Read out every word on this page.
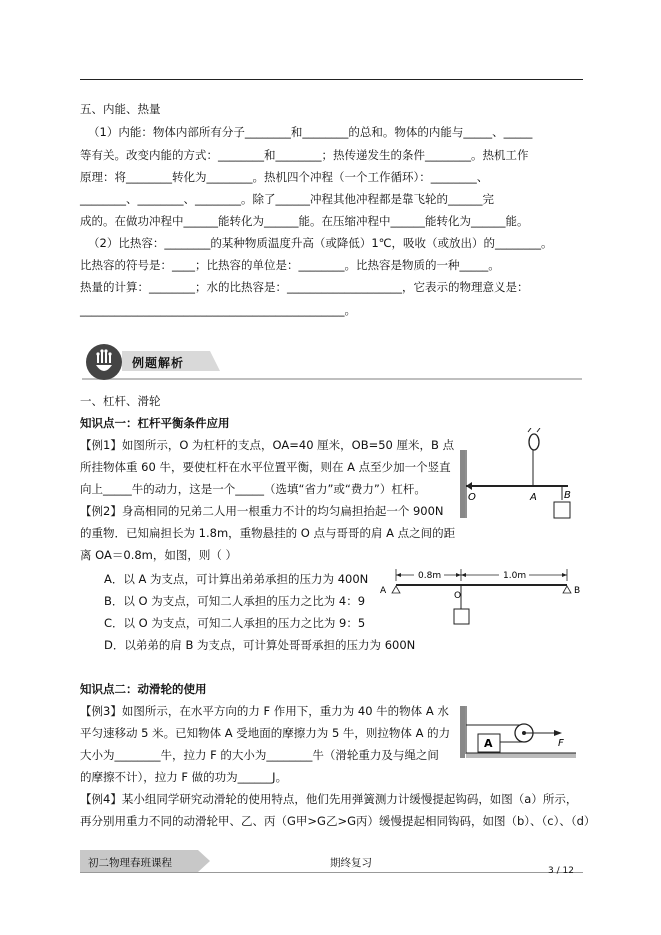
五、内能、热量
（1）内能：物体内部所有分子________和________的总和。物体的内能与_____、_____
等有关。改变内能的方式：________和________；热传递发生的条件________。热机工作
原理：将________转化为________。热机四个冲程（一个工作循环）：________、
________、________、________。除了______冲程其他冲程都是靠飞轮的______完
成的。在做功冲程中______能转化为______能。在压缩冲程中______能转化为______能。
（2）比热容：________的某种物质温度升高（或降低）1℃，吸收（或放出）的________。
比热容的符号是：____；比热容的单位是：________。比热容是物质的一种_____。
热量的计算：________；水的比热容是：____________________，它表示的物理意义是：
______________________________________________。
例题解析
一、杠杆、滑轮
知识点一：杠杆平衡条件应用
【例1】如图所示，O 为杠杆的支点，OA=40 厘米，OB=50 厘米，B 点
所挂物体重 60 牛，要使杠杆在水平位置平衡，则在 A 点至少加一个竖直
向上_____牛的动力，这是一个_____（选填“省力”或“费力”）杠杆。
【例2】身高相同的兄弟二人用一根重力不计的均匀扁担抬起一个 900N
的重物．已知扁担长为 1.8m，重物悬挂的 O 点与哥哥的肩 A 点之间的距
离 OA＝0.8m，如图，则（ ）
A．以 A 为支点，可计算出弟弟承担的压力为 400N
B．以 O 为支点，可知二人承担的压力之比为 4：9
C．以 O 为支点，可知二人承担的压力之比为 9：5
D．以弟弟的肩 B 为支点，可计算处哥哥承担的压力为 600N
知识点二：动滑轮的使用
【例3】如图所示，在水平方向的力 F 作用下，重力为 40 牛的物体 A 水
平匀速移动 5 米。已知物体 A 受地面的摩擦力为 5 牛，则拉物体 A 的力
大小为________牛，拉力 F 的大小为________牛（滑轮重力及与绳之间
的摩擦不计），拉力 F 做的功为______J。
【例4】某小组同学研究动滑轮的使用特点，他们先用弹簧测力计缓慢提起钩码，如图（a）所示，
再分别用重力不同的动滑轮甲、乙、丙（G甲>G乙>G丙）缓慢提起相同钩码，如图（b）、（c）、（d）
O	A	B
0.8m	1.0m
A	B
O
A	F
初二物理春班课程	期终复习
3 / 12
